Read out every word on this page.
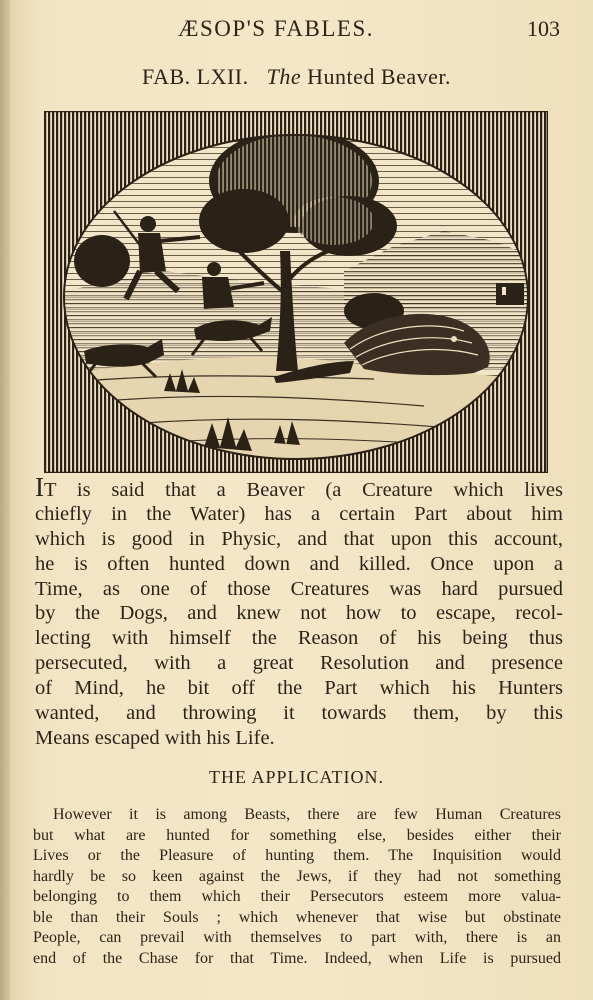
ÆSOP'S FABLES.	103
FAB. LXII. The Hunted Beaver.
IT is said that a Beaver (a Creature which lives
chiefly in the Water) has a certain Part about him
which is good in Physic, and that upon this account,
he is often hunted down and killed. Once upon a
Time, as one of those Creatures was hard pursued
by the Dogs, and knew not how to escape, recol-
lecting with himself the Reason of his being thus
persecuted, with a great Resolution and presence
of Mind, he bit off the Part which his Hunters
wanted, and throwing it towards them, by this
Means escaped with his Life.
THE APPLICATION.
However it is among Beasts, there are few Human Creatures
but what are hunted for something else, besides either their
Lives or the Pleasure of hunting them. The Inquisition would
hardly be so keen against the Jews, if they had not something
belonging to them which their Persecutors esteem more valua-
ble than their Souls ; which whenever that wise but obstinate
People, can prevail with themselves to part with, there is an
end of the Chase for that Time. Indeed, when Life is pursued
